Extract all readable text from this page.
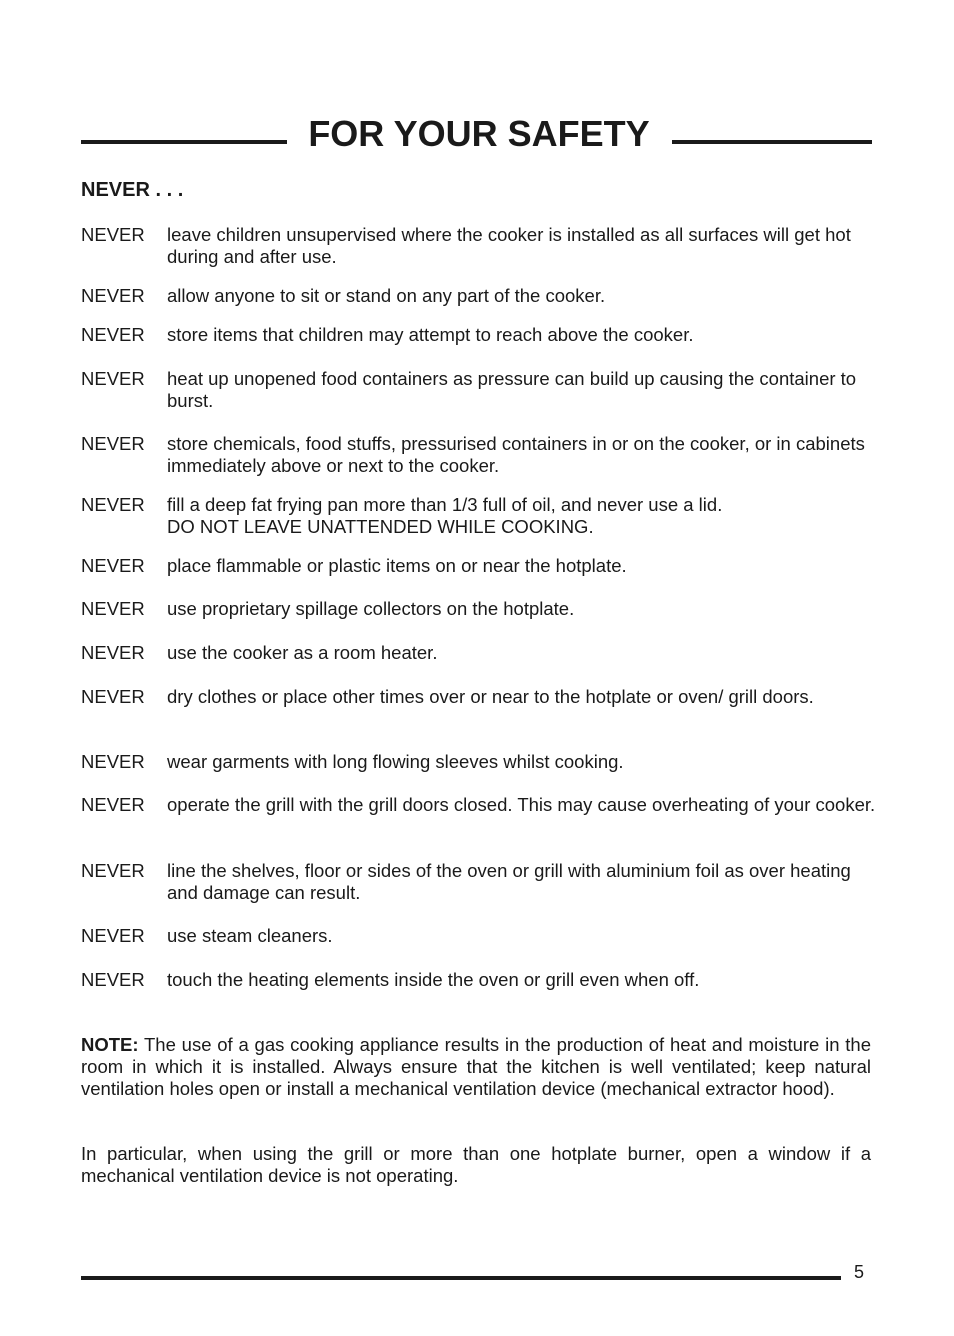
FOR YOUR SAFETY
NEVER . . .
NEVER	leave children unsupervised where the cooker is installed as all surfaces will get hot during and after use.
NEVER	allow anyone to sit or stand on any part of the cooker.
NEVER	store items that children may attempt to reach above the cooker.
NEVER	heat up unopened food containers as pressure can build up causing the container to burst.
NEVER	store chemicals, food stuffs, pressurised containers in or on the cooker, or in cabinets immediately above or next to the cooker.
NEVER	fill a deep fat frying pan more than 1/3 full of oil, and never use a lid.
DO NOT LEAVE UNATTENDED WHILE COOKING.
NEVER	place flammable or plastic items on or near the hotplate.
NEVER	use proprietary spillage collectors on the hotplate.
NEVER	use the cooker as a room heater.
NEVER	dry clothes or place other times over or near to the hotplate or oven/ grill doors.
NEVER	wear garments with long flowing sleeves whilst cooking.
NEVER	operate the grill with the grill doors closed. This may cause overheating of your cooker.
NEVER	line the shelves, floor or sides of the oven or grill with aluminium foil as over heating and damage can result.
NEVER	use steam cleaners.
NEVER	touch the heating elements inside the oven or grill even when off.

NOTE: The use of a gas cooking appliance results in the production of heat and moisture in the room in which it is installed. Always ensure that the kitchen is well ventilated; keep natural ventilation holes open or install a mechanical ventilation device (mechanical extractor hood).

In particular, when using the grill or more than one hotplate burner, open a window if a mechanical ventilation device is not operating.

5
